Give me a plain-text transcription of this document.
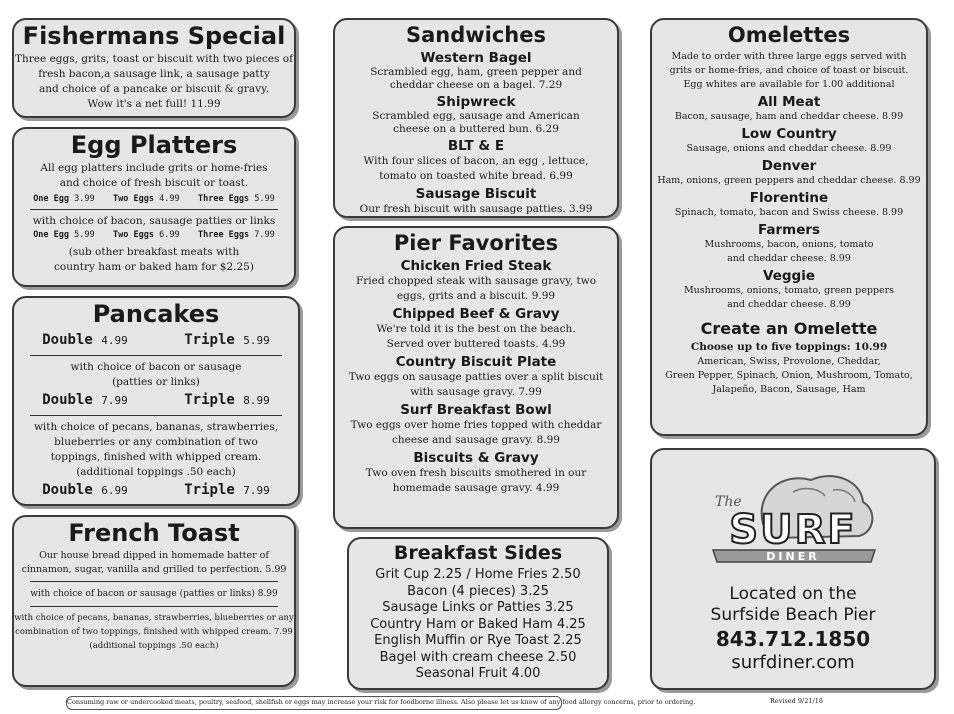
Fishermans Special
Three eggs, grits, toast or biscuit with two pieces of
fresh bacon,a sausage link, a sausage patty
and choice of a pancake or biscuit & gravy.
Wow it's a net full! 11.99
Egg Platters
All egg platters include grits or home-fries
and choice of fresh biscuit or toast.
One Egg 3.99 Two Eggs 4.99 Three Eggs 5.99
with choice of bacon, sausage patties or links
One Egg 5.99 Two Eggs 6.99 Three Eggs 7.99
(sub other breakfast meats with
country ham or baked ham for $2.25)
Pancakes
Double 4.99	Triple 5.99
with choice of bacon or sausage
(patties or links)
Double 7.99	Triple 8.99
with choice of pecans, bananas, strawberries,
blueberries or any combination of two
toppings, finished with whipped cream.
(additional toppings .50 each)
Double 6.99	Triple 7.99
French Toast
Our house bread dipped in homemade batter of
cinnamon, sugar, vanilla and grilled to perfection. 5.99
with choice of bacon or sausage (patties or links) 8.99
with choice of pecans, bananas, strawberries, blueberries or any
combination of two toppings, finished with whipped cream. 7.99
(additional toppings .50 each)
Sandwiches
Western Bagel
Scrambled egg, ham, green pepper and
cheddar cheese on a bagel. 7.29
Shipwreck
Scrambled egg, sausage and American
cheese on a buttered bun. 6.29
BLT & E
With four slices of bacon, an egg , lettuce,
tomato on toasted white bread. 6.99
Sausage Biscuit
Our fresh biscuit with sausage patties. 3.99
Pier Favorites
Chicken Fried Steak
Fried chopped steak with sausage gravy, two
eggs, grits and a biscuit. 9.99
Chipped Beef & Gravy
We're told it is the best on the beach.
Served over buttered toasts. 4.99
Country Biscuit Plate
Two eggs on sausage patties over a split biscuit
with sausage gravy. 7.99
Surf Breakfast Bowl
Two eggs over home fries topped with cheddar
cheese and sausage gravy. 8.99
Biscuits & Gravy
Two oven fresh biscuits smothered in our
homemade sausage gravy. 4.99
Breakfast Sides
Grit Cup 2.25 / Home Fries 2.50
Bacon (4 pieces) 3.25
Sausage Links or Patties 3.25
Country Ham or Baked Ham 4.25
English Muffin or Rye Toast 2.25
Bagel with cream cheese 2.50
Seasonal Fruit 4.00
Omelettes
Made to order with three large eggs served with
grits or home-fries, and choice of toast or biscuit.
Egg whites are available for 1.00 additional
All Meat
Bacon, sausage, ham and cheddar cheese. 8.99
Low Country
Sausage, onions and cheddar cheese. 8.99
Denver
Ham, onions, green peppers and cheddar cheese. 8.99
Florentine
Spinach, tomato, bacon and Swiss cheese. 8.99
Farmers
Mushrooms, bacon, onions, tomato
and cheddar cheese. 8.99
Veggie
Mushrooms, onions, tomato, green peppers
and cheddar cheese. 8.99
Create an Omelette
Choose up to five toppings: 10.99
American, Swiss, Provolone, Cheddar,
Green Pepper, Spinach, Onion, Mushroom, Tomato,
Jalapeño, Bacon, Sausage, Ham
The
SURF
DINER
Located on the
Surfside Beach Pier
843.712.1850
surfdiner.com
Consuming raw or undercooked meats, poultry, seafood, shellfish or eggs may increase your risk for foodborne illness. Also please let us know of any food allergy concerns, prior to ordering.	Revised 9/21/18
